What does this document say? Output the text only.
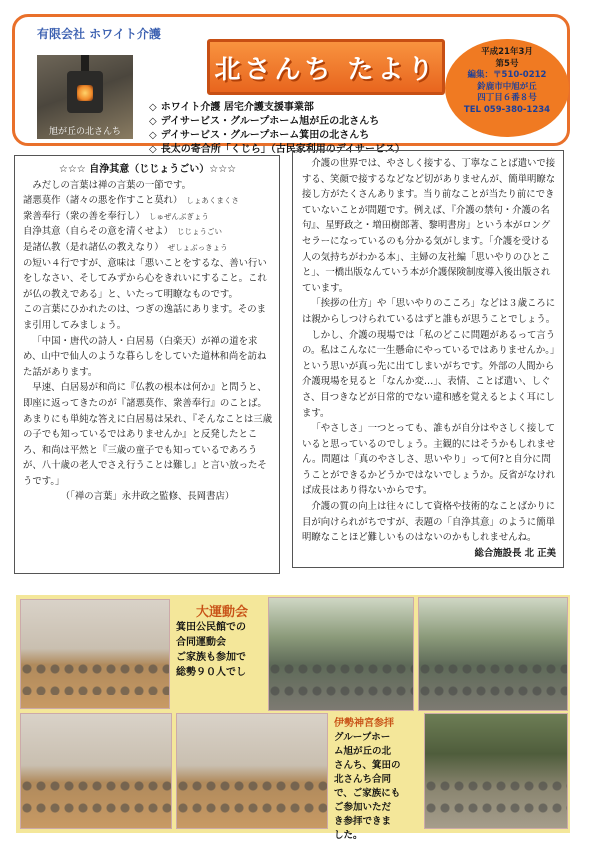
有限会社 ホワイト介護
旭が丘の北さんち
北さんち たより
◇ ホワイト介護 居宅介護支援事業部
◇ デイサービス・グループホーム旭が丘の北さんち
◇ デイサービス・グループホーム箕田の北さんち
◇ 長太の寄合所「くじら」（古民家利用のデイサービス）
平成21年3月
第5号
編集：〒510-0212
鈴鹿市中旭が丘
四丁目６番８号
TEL 059-380-1234

☆☆☆ 自浄其意（じじょうごい）☆☆☆

みだしの言葉は禅の言葉の一節です。

諸悪莫作（諸々の悪を作すこと莫れ） しょあくまくさ

衆善奉行（衆の善を奉行し） しゅぜんぶぎょう

自浄其意（自らその意を清くせよ） じじょうごい

是諸仏教（是れ諸仏の教えなり） ぜしょぶっきょう

の短い４行ですが、意味は「悪いことをするな、善い行いをしなさい、そしてみずから心をきれいにすること。これが仏の教えである」と、いたって明瞭なものです。

この言葉にひかれたのは、つぎの逸話にあります。そのまま引用してみましょう。

「中国・唐代の詩人・白居易（白楽天）が禅の道を求め、山中で仙人のような暮らしをしていた道林和尚を訪ねた話があります。

早速、白居易が和尚に『仏教の根本は何か』と問うと、即座に返ってきたのが『諸悪莫作、衆善奉行』のことば。あまりにも単純な答えに白居易は呆れ、『そんなことは三歳の子でも知っているではありませんか』と反発したところ、和尚は平然と『三歳の童子でも知っているであろうが、八十歳の老人でさえ行うことは難し』と言い放ったそうです。」

（「禅の言葉」永井政之監修、長岡書店）

介護の世界では、やさしく接する、丁寧なことば遣いで接する、笑顔で接するなどなど切がありませんが、簡単明瞭な接し方がたくさんあります。当り前なことが当たり前にできていないことが問題です。例えば、『介護の禁句・介護の名句』、星野政之・増田樹郎著、黎明書房」という本がロングセラーになっているのも分かる気がします。「介護を受ける人の気持ちがわかる本」、主婦の友社編「思いやりのひとこと」、一橋出版なんていう本が介護保険制度導入後出版されています。

「挨拶の仕方」や「思いやりのこころ」などは３歳ころには親からしつけられているはずと誰もが思うことでしょう。

しかし、介護の現場では「私のどこに問題があるって言うの。私はこんなに一生懸命にやっているではありませんか。」という思いが真っ先に出てしまいがちです。外部の人間から介護現場を見ると「なんか変…」、表情、ことば遣い、しぐさ、目つきなどが日常的でない違和感を覚えるとよく耳にします。

「やさしさ」一つとっても、誰もが自分はやさしく接していると思っているのでしょう。主観的にはそうかもしれません。問題は「真のやさしさ、思いやり」って何?と自分に問うことができるかどうかではないでしょうか。反省がなければ成長はあり得ないからです。

介護の質の向上は往々にして資格や技術的なことばかりに目が向けられがちですが、表題の「自浄其意」のように簡単明瞭なことほど難しいものはないのかもしれませんね。

総合施設長 北 正美

大運動会
箕田公民館での
合同運動会
ご家族も参加で
総勢９０人でし
伊勢神宮参拝
グループホー
ム旭が丘の北
さんち、箕田の
北さんち合同
で、ご家族にも
ご参加いただ
き参拝できま
した。
